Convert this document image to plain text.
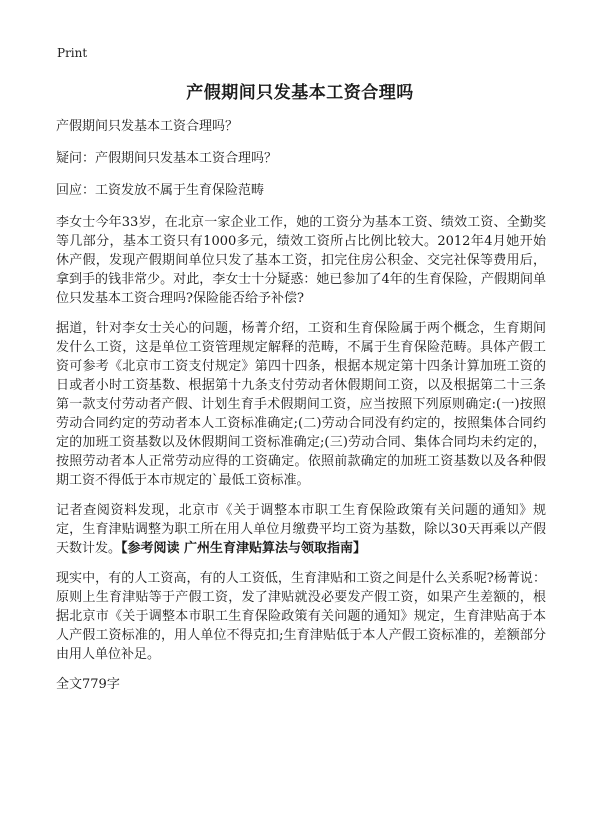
Print
产假期间只发基本工资合理吗

产假期间只发基本工资合理吗？

疑问：产假期间只发基本工资合理吗？

回应：工资发放不属于生育保险范畴

李女士今年33岁，在北京一家企业工作，她的工资分为基本工资、绩效工资、全勤奖等几部分，基本工资只有1000多元，绩效工资所占比例比较大。2012年4月她开始休产假，发现产假期间单位只发了基本工资，扣完住房公积金、交完社保等费用后，拿到手的钱非常少。对此，李女士十分疑惑：她已参加了4年的生育保险，产假期间单位只发基本工资合理吗?保险能否给予补偿?

据道，针对李女士关心的问题，杨菁介绍，工资和生育保险属于两个概念，生育期间发什么工资，这是单位工资管理规定解释的范畴，不属于生育保险范畴。具体产假工资可参考《北京市工资支付规定》第四十四条，根据本规定第十四条计算加班工资的日或者小时工资基数、根据第十九条支付劳动者休假期间工资，以及根据第二十三条第一款支付劳动者产假、计划生育手术假期间工资，应当按照下列原则确定:(一)按照劳动合同约定的劳动者本人工资标准确定;(二)劳动合同没有约定的，按照集体合同约定的加班工资基数以及休假期间工资标准确定;(三)劳动合同、集体合同均未约定的，按照劳动者本人正常劳动应得的工资确定。依照前款确定的加班工资基数以及各种假期工资不得低于本市规定的`最低工资标准。

记者查阅资料发现，北京市《关于调整本市职工生育保险政策有关问题的通知》规定，生育津贴调整为职工所在用人单位月缴费平均工资为基数，除以30天再乘以产假天数计发。【参考阅读 广州生育津贴算法与领取指南】

现实中，有的人工资高，有的人工资低，生育津贴和工资之间是什么关系呢?杨菁说：原则上生育津贴等于产假工资，发了津贴就没必要发产假工资，如果产生差额的，根据北京市《关于调整本市职工生育保险政策有关问题的通知》规定，生育津贴高于本人产假工资标准的，用人单位不得克扣;生育津贴低于本人产假工资标准的，差额部分由用人单位补足。

全文779字
